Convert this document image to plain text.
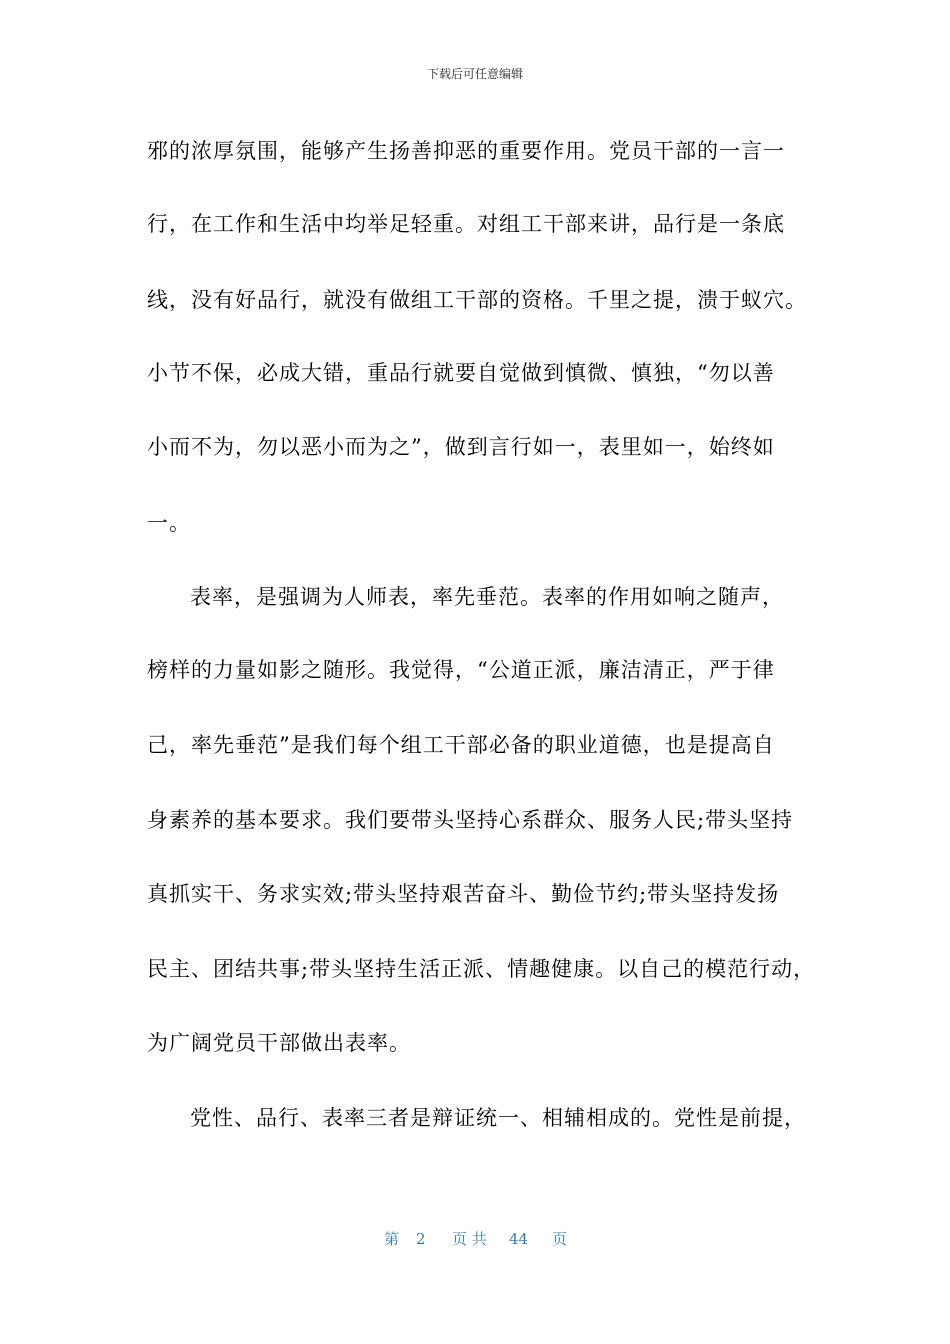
下载后可任意编辑
邪的浓厚氛围，能够产生扬善抑恶的重要作用。党员干部的一言一
行，在工作和生活中均举足轻重。对组工干部来讲，品行是一条底
线，没有好品行，就没有做组工干部的资格。千里之提，溃于蚁穴。
小节不保，必成大错，重品行就要自觉做到慎微、慎独，“勿以善
小而不为，勿以恶小而为之”，做到言行如一，表里如一，始终如
一。
表率，是强调为人师表，率先垂范。表率的作用如响之随声，
榜样的力量如影之随形。我觉得，“公道正派，廉洁清正，严于律
己，率先垂范”是我们每个组工干部必备的职业道德，也是提高自
身素养的基本要求。我们要带头坚持心系群众、服务人民;带头坚持
真抓实干、务求实效;带头坚持艰苦奋斗、勤俭节约;带头坚持发扬
民主、团结共事;带头坚持生活正派、情趣健康。以自己的模范行动，
为广阔党员干部做出表率。
党性、品行、表率三者是辩证统一、相辅相成的。党性是前提，
第 2 页 共 44 页
